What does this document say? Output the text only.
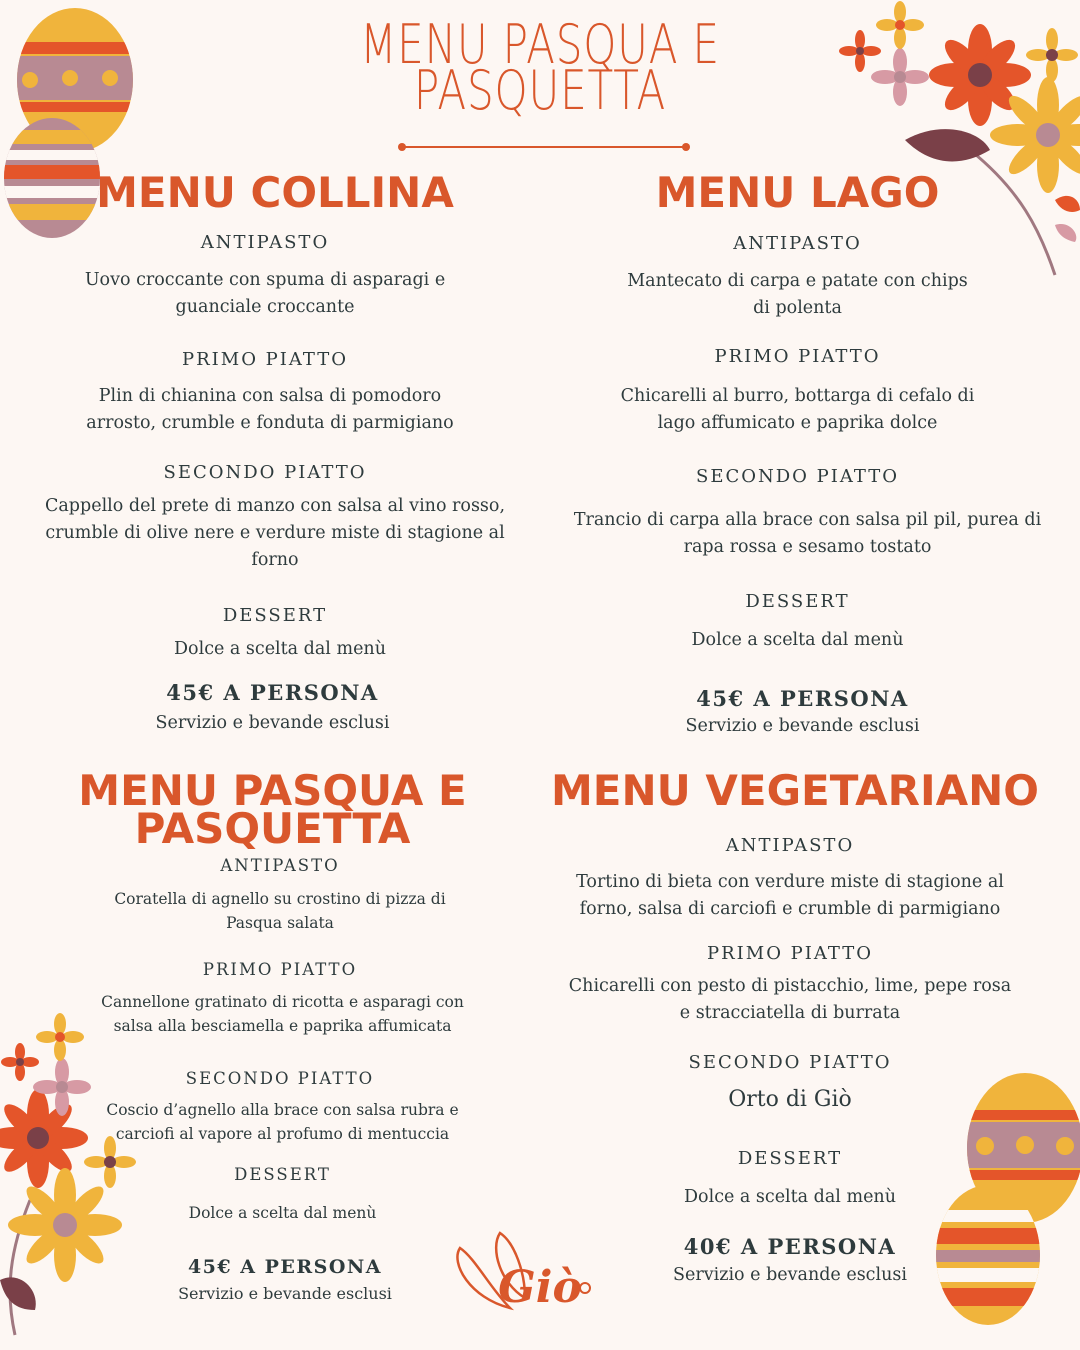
Giò
MENU PASQUA E
PASQUETTA
MENU COLLINA
ANTIPASTO
Uovo croccante con spuma di asparagi e
guanciale croccante
PRIMO PIATTO
Plin di chianina con salsa di pomodoro
arrosto, crumble e fonduta di parmigiano
SECONDO PIATTO
Cappello del prete di manzo con salsa al vino rosso,
crumble di olive nere e verdure miste di stagione al
forno
DESSERT
Dolce a scelta dal menù
45€ A PERSONA
Servizio e bevande esclusi
MENU LAGO
ANTIPASTO
Mantecato di carpa e patate con chips
di polenta
PRIMO PIATTO
Chicarelli al burro, bottarga di cefalo di
lago affumicato e paprika dolce
SECONDO PIATTO
Trancio di carpa alla brace con salsa pil pil, purea di
rapa rossa e sesamo tostato
DESSERT
Dolce a scelta dal menù
45€ A PERSONA
Servizio e bevande esclusi
MENU PASQUA E
PASQUETTA
ANTIPASTO
Coratella di agnello su crostino di pizza di
Pasqua salata
PRIMO PIATTO
Cannellone gratinato di ricotta e asparagi con
salsa alla besciamella e paprika affumicata
SECONDO PIATTO
Coscio d’agnello alla brace con salsa rubra e
carciofi al vapore al profumo di mentuccia
DESSERT
Dolce a scelta dal menù
45€ A PERSONA
Servizio e bevande esclusi
MENU VEGETARIANO
ANTIPASTO
Tortino di bieta con verdure miste di stagione al
forno, salsa di carciofi e crumble di parmigiano
PRIMO PIATTO
Chicarelli con pesto di pistacchio, lime, pepe rosa
e stracciatella di burrata
SECONDO PIATTO
Orto di Giò
DESSERT
Dolce a scelta dal menù
40€ A PERSONA
Servizio e bevande esclusi
